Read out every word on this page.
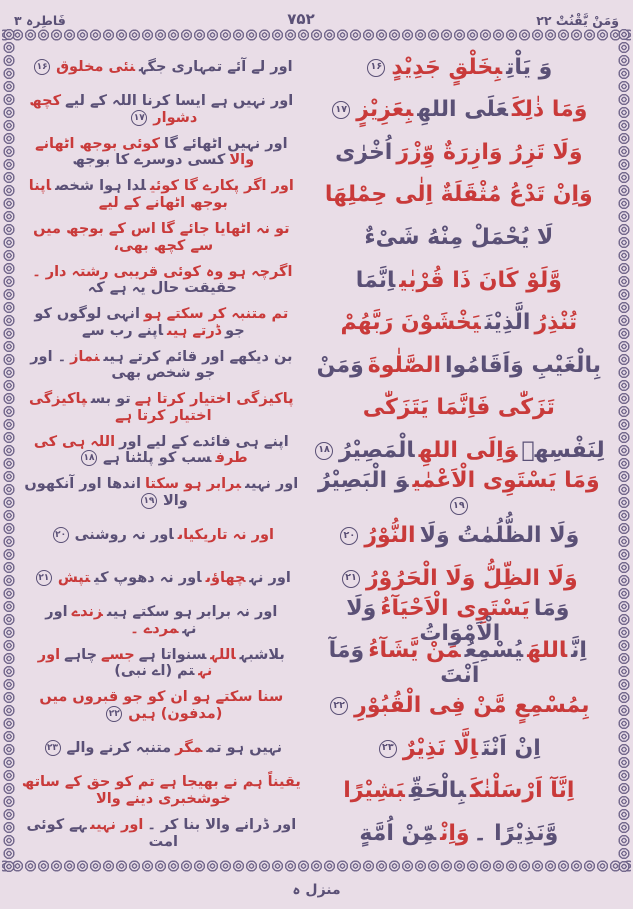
وَمَنْ یَّقْنُتْ ۲۲
۷۵۲
فَاطِرہ ۳
وَ یَاْتِبِخَلْقٍ جَدِیْدٍ۱۶
اور لے آئے تمہاری جگہنئی مخلوق۱۶
وَمَا ذٰلِكَعَلَی اللهِبِعَزِیْزٍ۱۷
اور نہیں ہے ایسا کرنا اللہ کے لیےکچھ دشوار۱۷
وَلَا تَزِرُ وَازِرَةٌ وِّزْرَاُخْرٰی
اور نہیں اٹھائے گاکوئی بوجھ اٹھانے والاکسی دوسرے کا بوجھ
وَاِنْ تَدْعُ مُثْقَلَةٌ اِلٰی حِمْلِهَا
اور اگر پکارے گا کوئیلدا ہوا شخصاپنا بوجھ اٹھانے کے لیے
لَا یُحْمَلْ مِنْهُ شَیْءٌ
تو نہ اٹھایا جائے گا اس کے بوجھ میں سے کچھ بھی،
وَّلَوْ كَانَ ذَا قُرْبٰیاِنَّمَا
اگرچہ ہو وہ کوئی قریبی رشتہ دار ۔حقیقت حال یہ ہے کہ
تُنْذِرُالَّذِیْنَیَخْشَوْنَ رَبَّهُمْ
تم متنبہ کر سکتے ہوانہی لوگوں کو جوڈرتے ہیںاپنے رب سے
بِالْغَیْبِ وَاَقَامُواالصَّلٰوةَوَمَنْ
بن دیکھے اور قائم کرتے ہیںنماز۔ اور جو شخص بھی
تَزَكّٰی فَاِنَّمَا یَتَزَكّٰی
پاکیزگی اختیار کرتا ہےتو بسپاکیزگی اختیار کرتا ہے
لِنَفْسِهٖوَاِلَی اللهِالْمَصِیْرُ۱۸
اپنے ہی فائدے کے لیے اوراللہ ہی کی طرفسب کو پلٹنا ہے۱۸
وَمَا یَسْتَوِی الْاَعْمٰیوَ الْبَصِیْرُ۱۹
اور نہیںبرابر ہو سکتااندھا اور آنکھوں والا۱۹
وَلَا الظُّلُمٰتُ وَلَاالنُّوْرُ۲۰
اور نہ تاریکیاںاور نہ روشنی۲۰
وَلَا الظِّلُّ وَلَا الْحَرُوْرُ۲۱
اور نہچھاؤںاور نہ دھوپ کیتپش۲۱
وَمَایَسْتَوِی الْاَحْیَآءُوَلَا الْاَمْوَاتُ
اور نہ برابر ہو سکتے ہیںزندےاور نہمردے ۔
اِنَّاللهَیُسْمِعُمَنْ یَّشَآءُوَمَآ اَنْتَ
بلاشبہاللہسنواتا ہےجسےچاہےاور نہتم (اے نبی)
بِمُسْمِعٍ مَّنْ فِی الْقُبُوْرِ۲۲
سنا سکتے ہو ان کو جو قبروں میں (مدفون) ہیں۲۲
اِنْ اَنْتَاِلَّا نَذِیْرٌ۲۳
نہیں ہو تممگرمتنبہ کرنے والے۲۳
اِنَّآ اَرْسَلْنٰكَبِالْحَقِّبَشِیْرًا
یقیناً ہم نے بھیجا ہے تم کو حق کے ساتھ خوشخبری دینے والا
وَّنَذِیْرًا ۔وَاِنْمِّنْ اُمَّةٍ
اور ڈرانے والا بنا کر ۔اور نہیںہے کوئی امت
منزل ہ
